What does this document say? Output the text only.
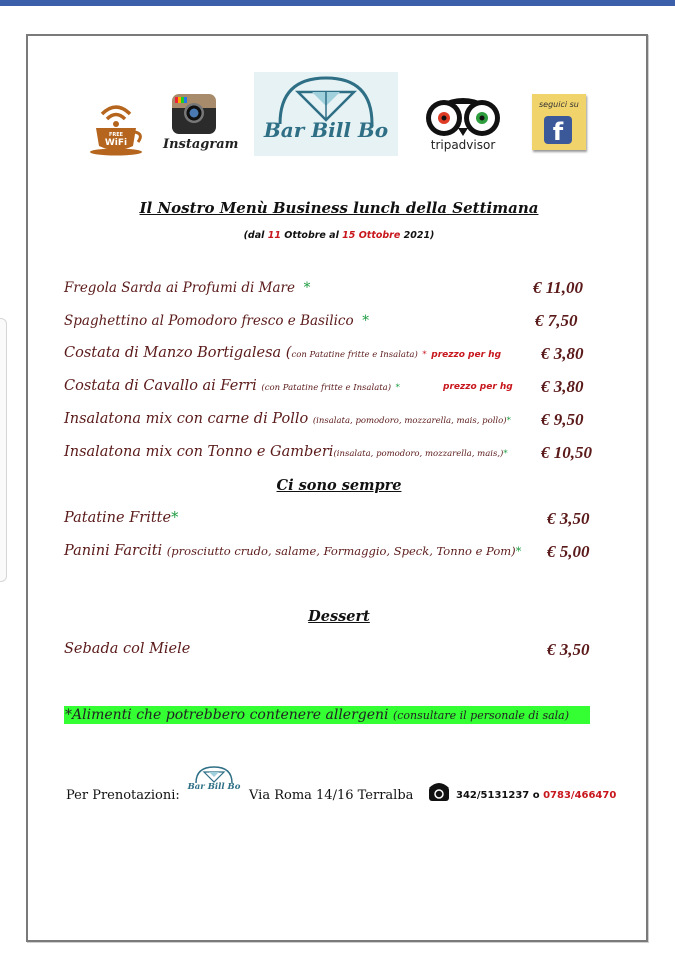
FREE
WiFi	Instagram
Bar Bill Bo
tripadvisor
seguici su
f
Il Nostro Menù Business lunch della Settimana
(dal 11 Ottobre al 15 Ottobre 2021)
Fregola Sarda ai Profumi di Mare *	€ 11,00
Spaghettino al Pomodoro fresco e Basilico *	€ 7,50
Costata di Manzo Bortigalesa (con Patatine fritte e Insalata) * prezzo per hg € 3,80
Costata di Cavallo ai Ferri (con Patatine fritte e Insalata) *	prezzo per hg € 3,80
Insalatona mix con carne di Pollo (insalata, pomodoro, mozzarella, mais, pollo)* € 9,50
Insalatona mix con Tonno e Gamberi(insalata, pomodoro, mozzarella, mais,)* € 10,50
Ci sono sempre
Patatine Fritte*	€ 3,50
Panini Farciti (prosciutto crudo, salame, Formaggio, Speck, Tonno e Pom)* € 5,00
Dessert
Sebada col Miele	€ 3,50
*Alimenti che potrebbero contenere allergeni (consultare il personale di sala)
Per Prenotazioni:
Bar Bill Bo
Via Roma 14/16 Terralba	342/5131237 o 0783/466470
